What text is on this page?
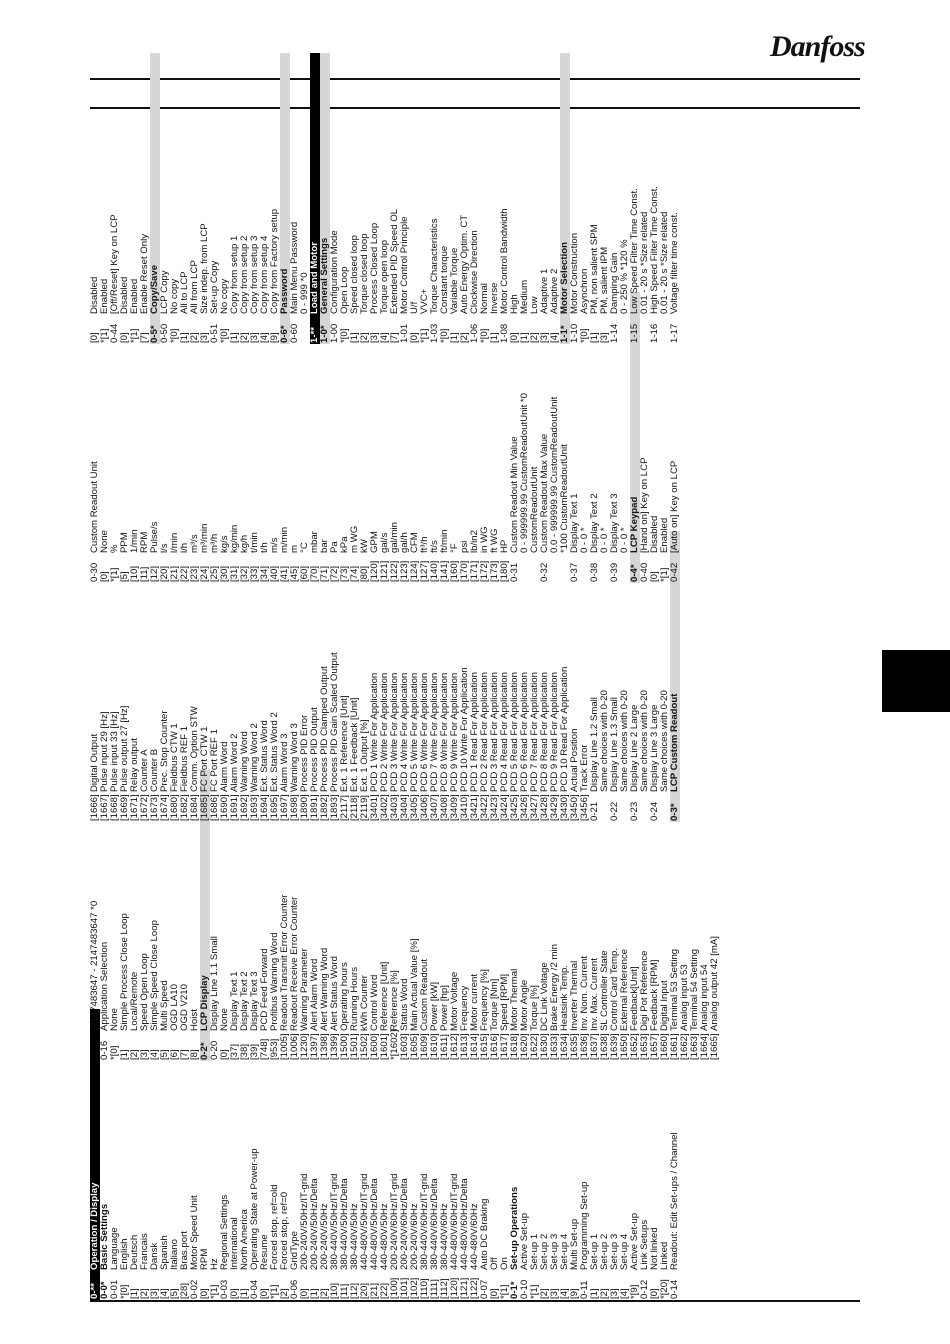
Danfoss
0-**
Operation / Display
0-0*
Basic Settings
0-01
Language
*[0]
English
[1]
Deutsch
[2]
Francais
[3]
Dansk
[4]
Spanish
[5]
Italiano
[28]
Bras.port
0-02
Motor Speed Unit
[0]
RPM
*[1]
Hz
0-03
Regional Settings
[0]
International
[1]
North America
0-04
Operating State at Power-up
[0]
Resume
*[1]
Forced stop, ref=old
[2]
Forced stop, ref=0
0-06
GridType
[0]
200-240V/50Hz/IT-grid
[1]
200-240V/50Hz/Delta
[2]
200-240V/50Hz
[10]
380-440V/50Hz/IT-grid
[11]
380-440V/50Hz/Delta
[12]
380-440V/50Hz
[20]
440-480V/50Hz/IT-grid
[21]
440-480V/50Hz/Delta
[22]
440-480V/50Hz
[100]
200-240V/60Hz/IT-grid
[101]
200-240V/60Hz/Delta
[102]
200-240V/60Hz
[110]
380-440V/60Hz/IT-grid
[111]
380-440V/60Hz/Delta
[112]
380-440V/60Hz
[120]
440-480V/60Hz/IT-grid
[121]
440-480V/60Hz/Delta
[122]
440-480V/60Hz
0-07
Auto DC Braking
[0]
Off
*[1]
On
0-1*
Set-up Operations
0-10
Active Set-up
*[1]
Set-up 1
[2]
Set-up 2
[3]
Set-up 3
[4]
Set-up 4
[9]
Multi Set-up
0-11
Programming Set-up
[1]
Set-up 1
[2]
Set-up 2
[3]
Set-up 3
[4]
Set-up 4
*[9]
Active Set-up
0-12
Link Setups
[0]
Not linked
*[20]
Linked
0-14
Readout: Edit Set-ups / Channel
-2147483647 - 2147483647 *0
0-16
Application Selection
*[0]
None
[1]
Simple Process Close Loop
[2]
Local/Remote
[3]
Speed Open Loop
[4]
Simple Speed Close Loop
[5]
Multi Speed
[6]
OGD LA10
[7]
OGD V210
[8]
Hoist
0-2*
LCP Display
0-20
Display Line 1.1 Small
[0]
None
[37]
Display Text 1
[38]
Display Text 2
[39]
Display Text 3
[748]
PCD Feed Forward
[953]
Profibus Warning Word
[1005]
Readout Transmit Error Counter
[1006]
Readout Receive Error Counter
[1230]
Warning Parameter
[1397]
Alert Alarm Word
[1398]
Alert Warning Word
[1399]
Alert Status Word
[1500]
Operating hours
[1501]
Running Hours
[1502]
kWh Counter
[1600]
Control Word
[1601]
Reference [Unit]
*[1602]
Reference [%]
[1603]
Status Word
[1605]
Main Actual Value [%]
[1609]
Custom Readout
[1610]
Power [kW]
[1611]
Power [hp]
[1612]
Motor Voltage
[1613]
Frequency
[1614]
Motor current
[1615]
Frequency [%]
[1616]
Torque [Nm]
[1617]
Speed [RPM]
[1618]
Motor Thermal
[1620]
Motor Angle
[1622]
Torque [%]
[1630]
DC Link Voltage
[1633]
Brake Energy /2 min
[1634]
Heatsink Temp.
[1635]
Inverter Thermal
[1636]
Inv. Nom. Current
[1637]
Inv. Max. Current
[1638]
SL Controller State
[1639]
Control Card Temp.
[1650]
External Reference
[1652]
Feedback[Unit]
[1653]
Digi Pot Reference
[1657]
Feedback [RPM]
[1660]
Digital Input
[1661]
Terminal 53 Setting
[1662]
Analog input 53
[1663]
Terminal 54 Setting
[1664]
Analog input 54
[1665]
Analog output 42 [mA]
[1666]
Digital Output
[1667]
Pulse input 29 [Hz]
[1668]
Pulse input 33 [Hz]
[1669]
Pulse output 27 [Hz]
[1671]
Relay output
[1672]
Counter A
[1673]
Counter B
[1674]
Prec. Stop Counter
[1680]
Fieldbus CTW 1
[1682]
Fieldbus REF 1
[1684]
Comm. Option STW
[1685]
FC Port CTW 1
[1686]
FC Port REF 1
[1690]
Alarm Word
[1691]
Alarm Word 2
[1692]
Warning Word
[1693]
Warning Word 2
[1694]
Ext. Status Word
[1695]
Ext. Status Word 2
[1697]
Alarm Word 3
[1698]
Warning Word 3
[1890]
Process PID Error
[1891]
Process PID Output
[1892]
Process PID Clamped Output
[1893]
Process PID Gain Scaled Output
[2117]
Ext. 1 Reference [Unit]
[2118]
Ext. 1 Feedback [Unit]
[2119]
Ext. 1 Output [%]
[3401]
PCD 1 Write For Application
[3402]
PCD 2 Write For Application
[3403]
PCD 3 Write For Application
[3404]
PCD 4 Write For Application
[3405]
PCD 5 Write For Application
[3406]
PCD 6 Write For Application
[3407]
PCD 7 Write For Application
[3408]
PCD 8 Write For Application
[3409]
PCD 9 Write For Application
[3410]
PCD 10 Write For Application
[3421]
PCD 1 Read For Application
[3422]
PCD 2 Read For Application
[3423]
PCD 3 Read For Application
[3424]
PCD 4 Read For Application
[3425]
PCD 5 Read For Application
[3426]
PCD 6 Read For Application
[3427]
PCD 7 Read For Application
[3428]
PCD 8 Read For Application
[3429]
PCD 9 Read For Application
[3430]
PCD 10 Read For Application
[3450]
Actual Position
[3456]
Track Error
0-21
Display Line 1.2 Small Same choices with 0-20
0-22
Display Line 1.3 Small Same choices with 0-20
0-23
Display Line 2 Large Same choices with 0-20
0-24
Display Line 3 Large Same choices with 0-20
0-3*
LCP Custom Readout
0-30
Custom Readout Unit
[0]
None
*[1]
%
[5]
PPM
[10]
1/min
[11]
RPM
[12]
Pulse/s
[20]
l/s
[21]
l/min
[22]
l/h
[23]
m³/s
[24]
m³/min
[25]
m³/h
[30]
kg/s
[31]
kg/min
[32]
kg/h
[33]
t/min
[34]
t/h
[40]
m/s
[41]
m/min
[45]
m
[60]
°C
[70]
mbar
[71]
bar
[72]
Pa
[73]
kPa
[74]
m WG
[80]
kW
[120]
GPM
[121]
gal/s
[122]
gal/min
[123]
gal/h
[124]
CFM
[127]
ft³/h
[140]
ft/s
[141]
ft/min
[160]
°F
[170]
psi
[171]
lb/in2
[172]
in WG
[173]
ft WG
[180]
HP
0-31
Custom Readout Min Value 0 - 999999.99 CustomReadoutUnit *0 CustomReadoutUnit
0-32
Custom Readout Max Value 0.0 - 999999.99 CustomReadoutUnit *100 CustomReadoutUnit
0-37
Display Text 1 0 - 0 *
0-38
Display Text 2 0 - 0 *
0-39
Display Text 3 0 - 0 *
0-4*
LCP Keypad
0-40
[Hand on] Key on LCP
[0]
Disabled
*[1]
Enabled
0-42
[Auto on] Key on LCP
[0]
Disabled
*[1]
Enabled
0-44
[Off/Reset] Key on LCP
[0]
Disabled
*[1]
Enabled
[7]
Enable Reset Only
0-5*
Copy/Save
0-50
LCP Copy
*[0]
No copy
[1]
All to LCP
[2]
All from LCP
[3]
Size indep. from LCP
0-51
Set-up Copy
*[0]
No copy
[1]
Copy from setup 1
[2]
Copy from setup 2
[3]
Copy from setup 3
[4]
Copy from setup 4
[9]
Copy from Factory setup
0-6*
Password
0-60
Main Menu Password 0 - 999 *0
1-**
Load and Motor
1-0*
General Settings
1-00
Configuration Mode
*[0]
Open Loop
[1]
Speed closed loop
[2]
Torque closed loop
[3]
Process Closed Loop
[4]
Torque open loop
[7]
Extended PID Speed OL
1-01
Motor Control Principle
[0]
U/f
*[1]
VVC+
1-03
Torque Characteristics
*[0]
Constant torque
[1]
Variable Torque
[2]
Auto Energy Optim. CT
1-06
Clockwise Direction
*[0]
Normal
[1]
Inverse
1-08
Motor Control Bandwidth
[0]
High
[1]
Medium
[2]
Low
[3]
Adaptive 1
[4]
Adaptive 2
1-1*
Motor Selection
1-10
Motor Construction
*[0]
Asynchron
[1]
PM, non salient SPM
[3]
PM, salient IPM
1-14
Damping Gain 0 - 250 % *120 %
1-15
Low Speed Filter Time Const. 0.01 - 20 s *Size related
1-16
High Speed Filter Time Const. 0.01 - 20 s *Size related
1-17
Voltage filter time const.
